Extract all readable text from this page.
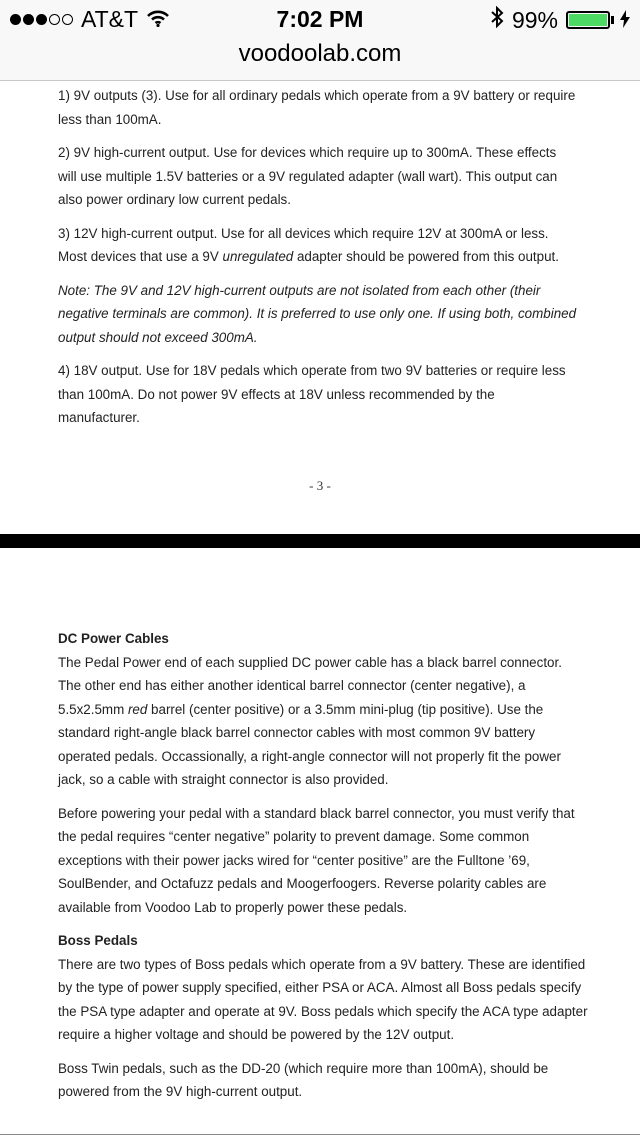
AT&T	7:02 PM	99%
voodoolab.com

1) 9V outputs (3). Use for all ordinary pedals which operate from a 9V battery or require less than 100mA.

2) 9V high-current output. Use for devices which require up to 300mA. These effects will use multiple 1.5V batteries or a 9V regulated adapter (wall wart). This output can also power ordinary low current pedals.

3) 12V high-current output. Use for all devices which require 12V at 300mA or less. Most devices that use a 9V unregulated adapter should be powered from this output.

Note: The 9V and 12V high-current outputs are not isolated from each other (their negative terminals are common). It is preferred to use only one. If using both, combined output should not exceed 300mA.

4) 18V output. Use for 18V pedals which operate from two 9V batteries or require less than 100mA. Do not power 9V effects at 18V unless recommended by the manufacturer.

- 3 -
DC Power Cables

The Pedal Power end of each supplied DC power cable has a black barrel connector. The other end has either another identical barrel connector (center negative), a 5.5x2.5mm red barrel (center positive) or a 3.5mm mini-plug (tip positive). Use the standard right-angle black barrel connector cables with most common 9V battery operated pedals. Occassionally, a right-angle connector will not properly fit the power jack, so a cable with straight connector is also provided.

Before powering your pedal with a standard black barrel connector, you must verify that the pedal requires “center negative” polarity to prevent damage. Some common exceptions with their power jacks wired for “center positive” are the Fulltone ’69, SoulBender, and Octafuzz pedals and Moogerfoogers. Reverse polarity cables are available from Voodoo Lab to properly power these pedals.

Boss Pedals

There are two types of Boss pedals which operate from a 9V battery. These are identified by the type of power supply specified, either PSA or ACA. Almost all Boss pedals specify the PSA type adapter and operate at 9V. Boss pedals which specify the ACA type adapter require a higher voltage and should be powered by the 12V output.

Boss Twin pedals, such as the DD-20 (which require more than 100mA), should be powered from the 9V high-current output.
